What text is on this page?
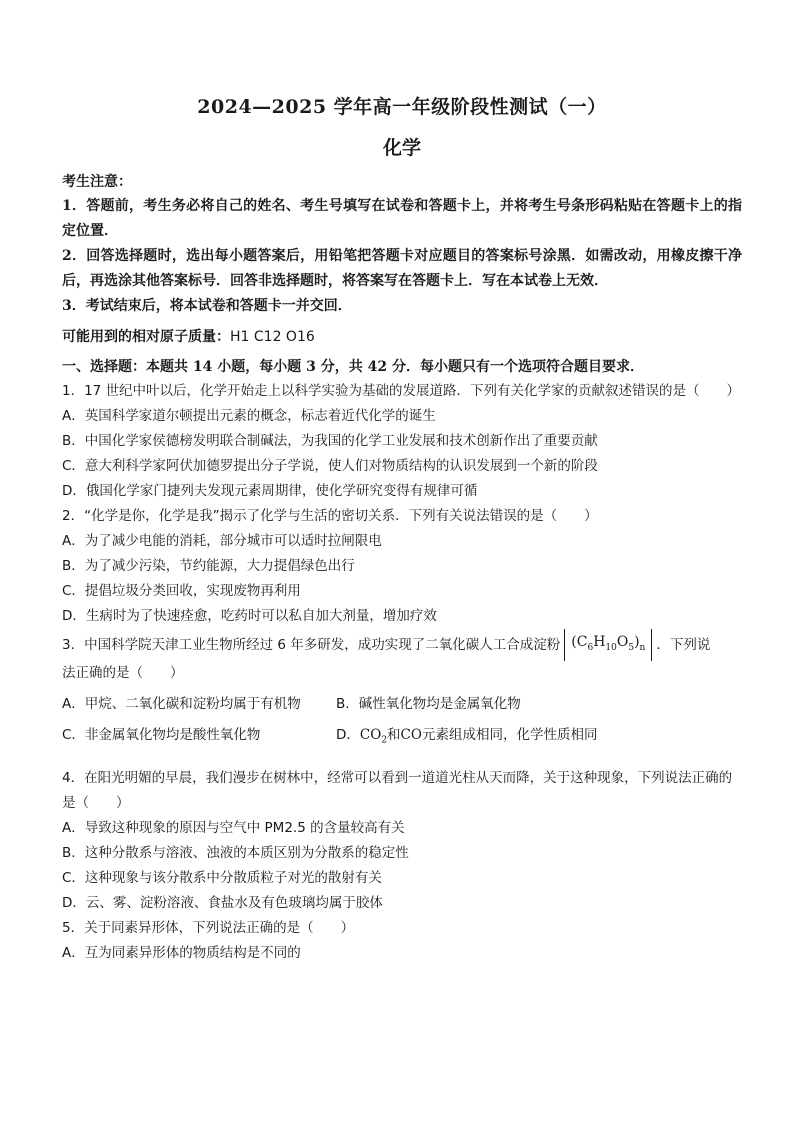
2024—2025 学年高一年级阶段性测试（一）
化学

考生注意：

1．答题前，考生务必将自己的姓名、考生号填写在试卷和答题卡上，并将考生号条形码粘贴在答题卡上的指定位置．

2．回答选择题时，选出每小题答案后，用铅笔把答题卡对应题目的答案标号涂黑．如需改动，用橡皮擦干净后，再选涂其他答案标号．回答非选择题时，将答案写在答题卡上．写在本试卷上无效．

3．考试结束后，将本试卷和答题卡一并交回．

可能用到的相对原子质量：H1 C12 O16

一、选择题：本题共 14 小题，每小题 3 分，共 42 分．每小题只有一个选项符合题目要求．

1．17 世纪中叶以后，化学开始走上以科学实验为基础的发展道路．下列有关化学家的贡献叙述错误的是（　　）

A．英国科学家道尔顿提出元素的概念，标志着近代化学的诞生

B．中国化学家侯德榜发明联合制碱法，为我国的化学工业发展和技术创新作出了重要贡献

C．意大利科学家阿伏加德罗提出分子学说，使人们对物质结构的认识发展到一个新的阶段

D．俄国化学家门捷列夫发现元素周期律，使化学研究变得有规律可循

2．“化学是你，化学是我”揭示了化学与生活的密切关系．下列有关说法错误的是（　　）

A．为了减少电能的消耗，部分城市可以适时拉闸限电

B．为了减少污染，节约能源，大力提倡绿色出行

C．提倡垃圾分类回收，实现废物再利用

D．生病时为了快速痊愈，吃药时可以私自加大剂量，增加疗效

3．中国科学院天津工业生物所经过 6 年多研发，成功实现了二氧化碳人工合成淀粉 $(C_6H_{10}O_5)_n$ ．下列说

法正确的是（　　）

A．甲烷、二氧化碳和淀粉均属于有机物	B．碱性氧化物均是金属氧化物
C．非金属氧化物均是酸性氧化物	D．$CO_2$和CO元素组成相同，化学性质相同

4．在阳光明媚的早晨，我们漫步在树林中，经常可以看到一道道光柱从天而降，关于这种现象，下列说法正确的是（　　）

A．导致这种现象的原因与空气中 PM2.5 的含量较高有关

B．这种分散系与溶液、浊液的本质区别为分散系的稳定性

C．这种现象与该分散系中分散质粒子对光的散射有关

D．云、雾、淀粉溶液、食盐水及有色玻璃均属于胶体

5．关于同素异形体，下列说法正确的是（　　）

A．互为同素异形体的物质结构是不同的
